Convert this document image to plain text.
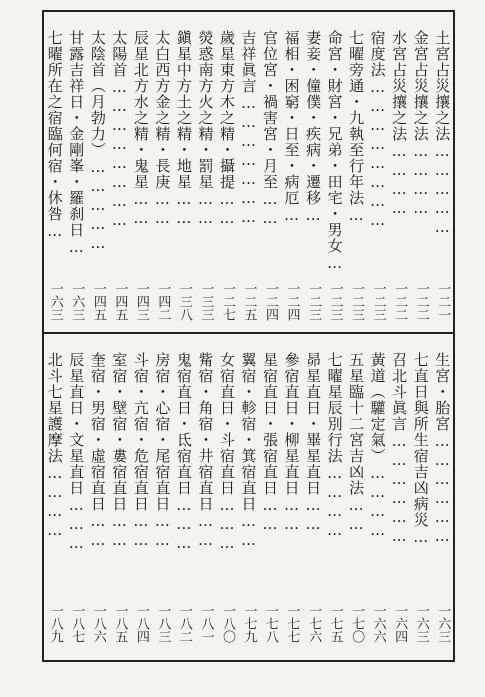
土宮占災攘之法……………
一二一
金宮占災攘之法…………
一二二
水宮占災攘之法…………
一二二
宿度法……………………
一二三
七曜旁通・九執至行年法…
一二三
命宮・財宮・兄弟・田宅・男女…
一二三
妻妾・僮僕・疾病・遷移…
一二三
福相・困窮・日至・病厄…
一二四
官位宮・禍害宮・月至……
一二四
吉祥眞言…………………
一二五
歲星東方木之精・攝提……
一二七
熒惑南方火之精・罰星……
一三三
鎭星中方土之精・地星……
一三八
太白西方金之精・長庚……
一四二
辰星北方水之精・鬼星……
一四三
太陽首……………………
一四五
太陰首（月勃力）……………
一四五
甘露吉祥日・金剛峯・羅刹日…
一六三
七曜所在之宿臨何宿・休咎…
一六三
生宮・胎宮………………
一六三
七直日與所生宿吉凶病災…
一六三
召北斗眞言………………
一六四
黃道（驩定氣）…………
一六六
五星臨十二宮吉凶法……
一七〇
七曜星辰別行法…………
一七五
昴星直日・畢星直日……
一七六
參宿直日・柳星直日……
一七七
星宿直日・張宿直日……
一七八
翼宿・軫宿・箕宿直日……
一七九
女宿直日・斗宿直日………
一八〇
觜宿・角宿・井宿直日……
一八一
鬼宿直日・氐宿直日………
一八二
房宿・心宿・尾宿直日……
一八三
斗宿・亢宿・危宿直日……
一八四
室宿・壁宿・婁宿直日……
一八五
奎宿・男宿・虛宿直日……
一八六
辰星直日・文星直日………
一八七
北斗七星護摩法…………
一八九
